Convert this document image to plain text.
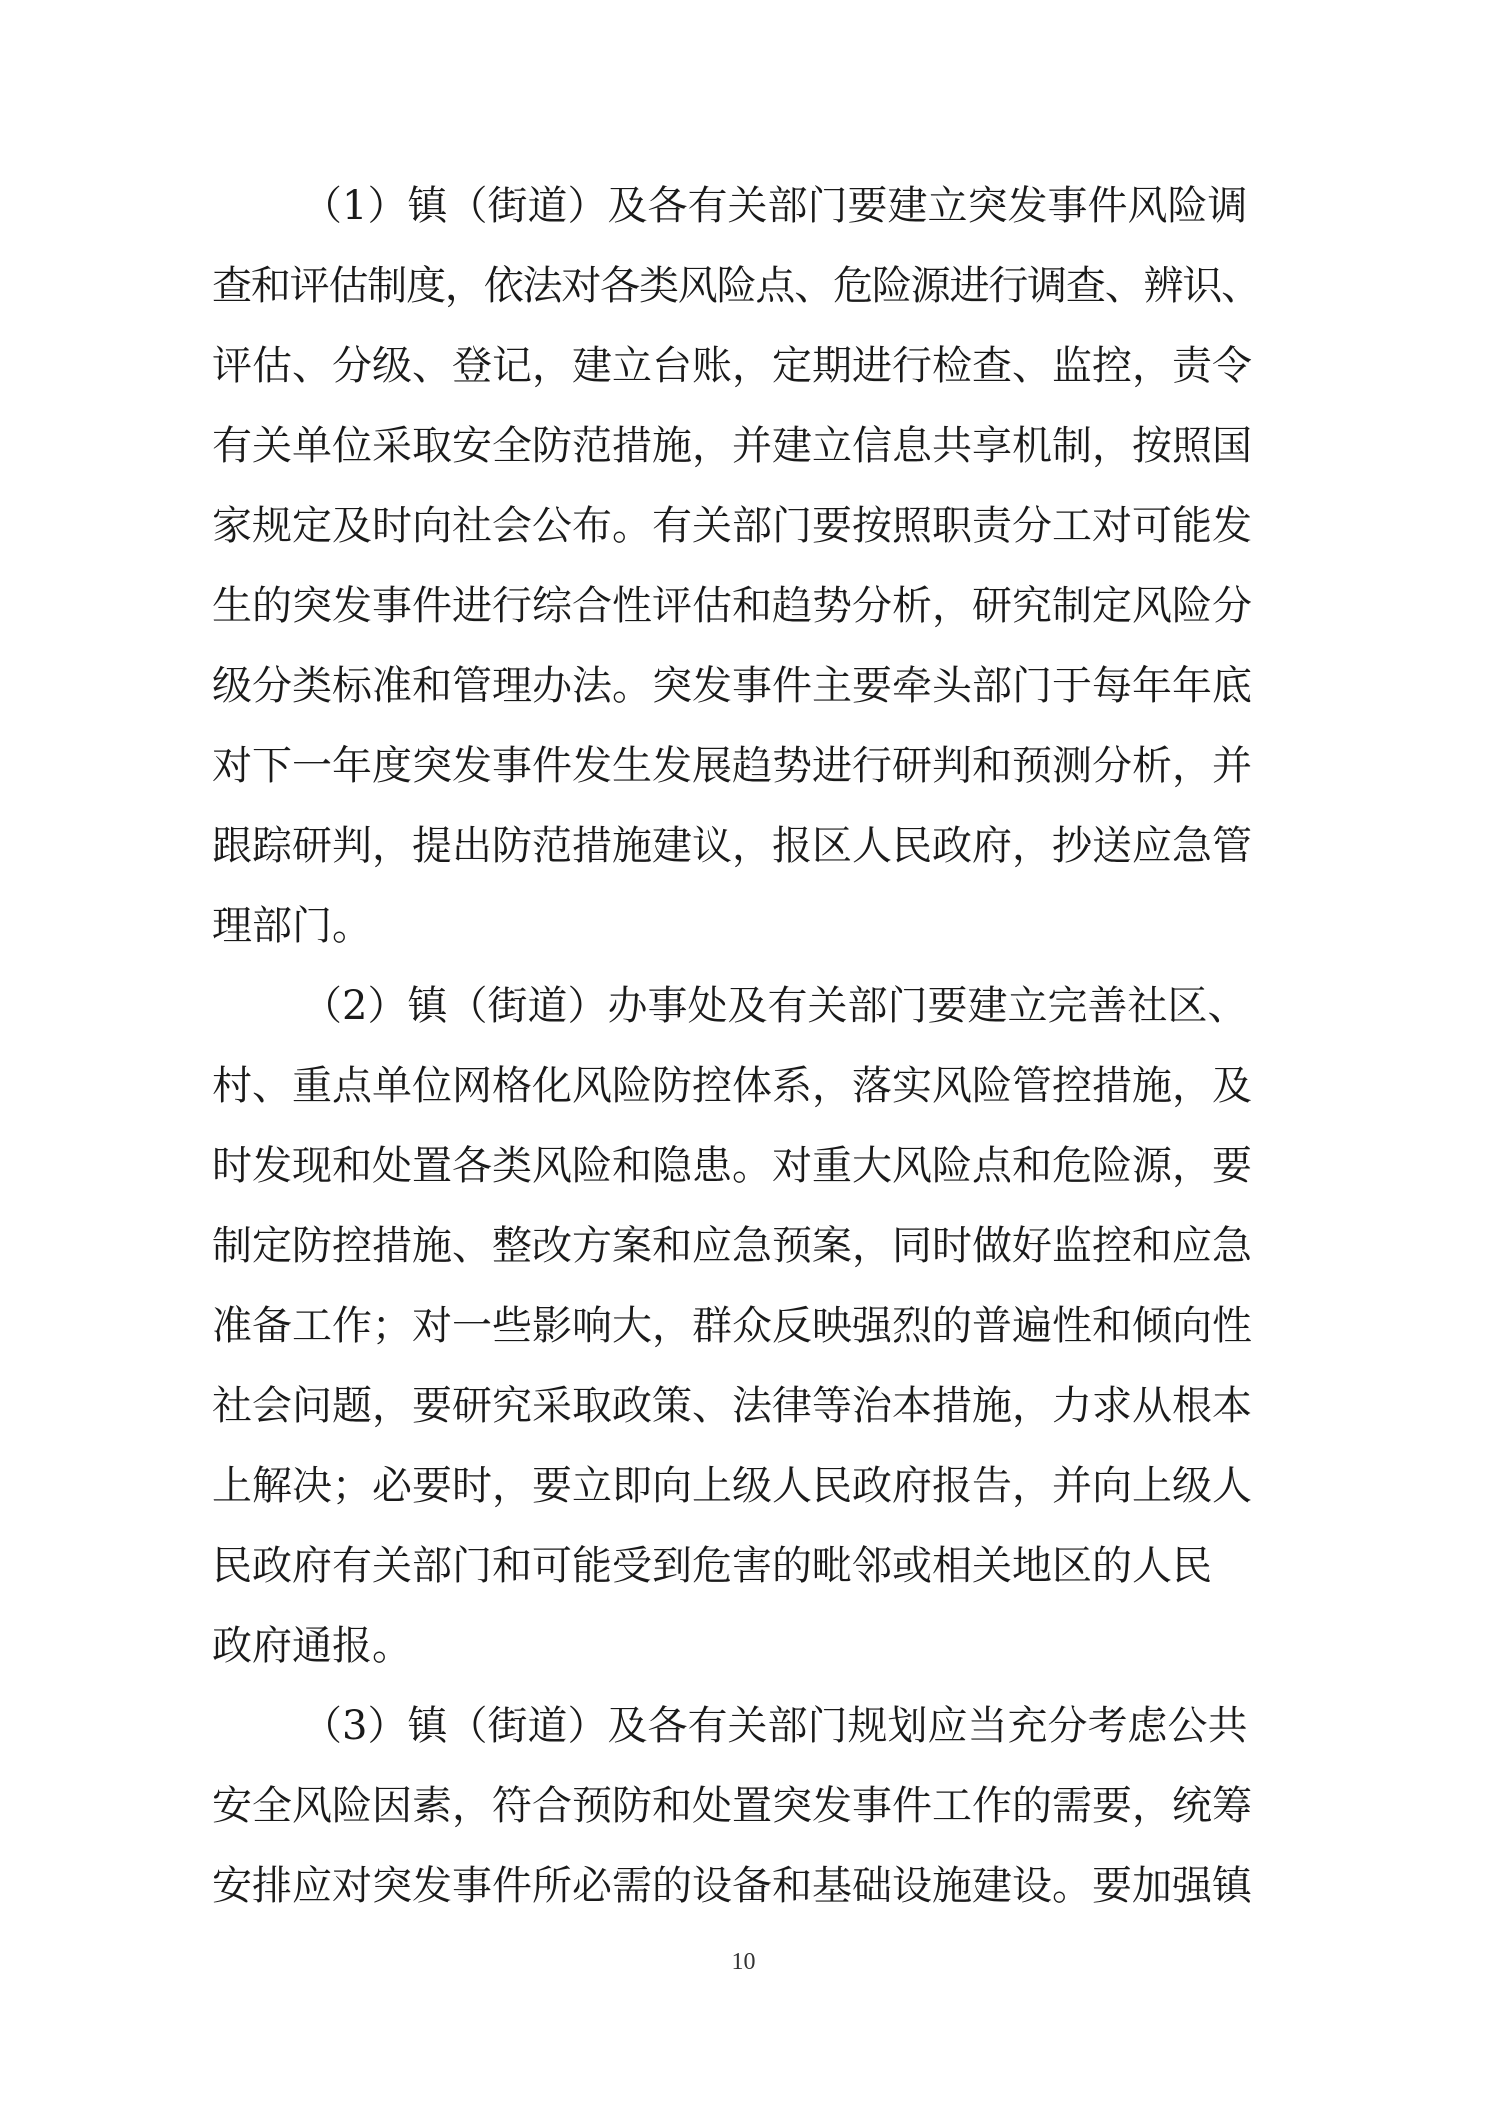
（1）镇（街道）及各有关部门要建立突发事件风险调
查和评估制度，依法对各类风险点、危险源进行调查、辨识、
评估、分级、登记，建立台账，定期进行检查、监控，责令
有关单位采取安全防范措施，并建立信息共享机制，按照国
家规定及时向社会公布。有关部门要按照职责分工对可能发
生的突发事件进行综合性评估和趋势分析，研究制定风险分
级分类标准和管理办法。突发事件主要牵头部门于每年年底
对下一年度突发事件发生发展趋势进行研判和预测分析，并
跟踪研判，提出防范措施建议，报区人民政府，抄送应急管
理部门。
（2）镇（街道）办事处及有关部门要建立完善社区、
村、重点单位网格化风险防控体系，落实风险管控措施，及
时发现和处置各类风险和隐患。对重大风险点和危险源，要
制定防控措施、整改方案和应急预案，同时做好监控和应急
准备工作；对一些影响大，群众反映强烈的普遍性和倾向性
社会问题，要研究采取政策、法律等治本措施，力求从根本
上解决；必要时，要立即向上级人民政府报告，并向上级人
民政府有关部门和可能受到危害的毗邻或相关地区的人民
政府通报。
（3）镇（街道）及各有关部门规划应当充分考虑公共
安全风险因素，符合预防和处置突发事件工作的需要，统筹
安排应对突发事件所必需的设备和基础设施建设。要加强镇
10
